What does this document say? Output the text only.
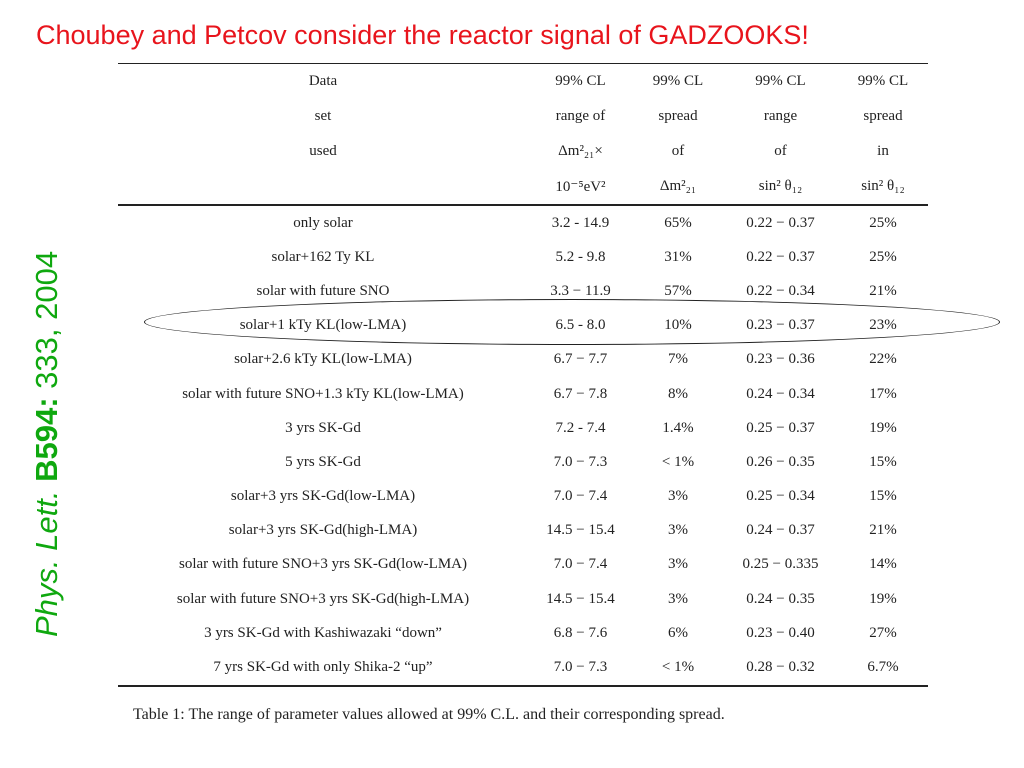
Choubey and Petcov consider the reactor signal of GADZOOKS!
Phys. Lett. B594: 333, 2004
Data	99% CL	99% CL	99% CL	99% CL
set	range of	spread	range	spread
used	Δm²₂₁×	of	of	in
	10⁻⁵eV²	Δm²₂₁	sin² θ₁₂	sin² θ₁₂
only solar	3.2 - 14.9	65%	0.22 − 0.37	25%
solar+162 Ty KL	5.2 - 9.8	31%	0.22 − 0.37	25%
solar with future SNO	3.3 − 11.9	57%	0.22 − 0.34	21%
solar+1 kTy KL(low-LMA)	6.5 - 8.0	10%	0.23 − 0.37	23%
solar+2.6 kTy KL(low-LMA)	6.7 − 7.7	7%	0.23 − 0.36	22%
solar with future SNO+1.3 kTy KL(low-LMA)	6.7 − 7.8	8%	0.24 − 0.34	17%
3 yrs SK-Gd	7.2 - 7.4	1.4%	0.25 − 0.37	19%
5 yrs SK-Gd	7.0 − 7.3	< 1%	0.26 − 0.35	15%
solar+3 yrs SK-Gd(low-LMA)	7.0 − 7.4	3%	0.25 − 0.34	15%
solar+3 yrs SK-Gd(high-LMA)	14.5 − 15.4	3%	0.24 − 0.37	21%
solar with future SNO+3 yrs SK-Gd(low-LMA)	7.0 − 7.4	3%	0.25 − 0.335	14%
solar with future SNO+3 yrs SK-Gd(high-LMA)	14.5 − 15.4	3%	0.24 − 0.35	19%
3 yrs SK-Gd with Kashiwazaki “down”	6.8 − 7.6	6%	0.23 − 0.40	27%
7 yrs SK-Gd with only Shika-2 “up”	7.0 − 7.3	< 1%	0.28 − 0.32	6.7%
Table 1: The range of parameter values allowed at 99% C.L. and their corresponding spread.
